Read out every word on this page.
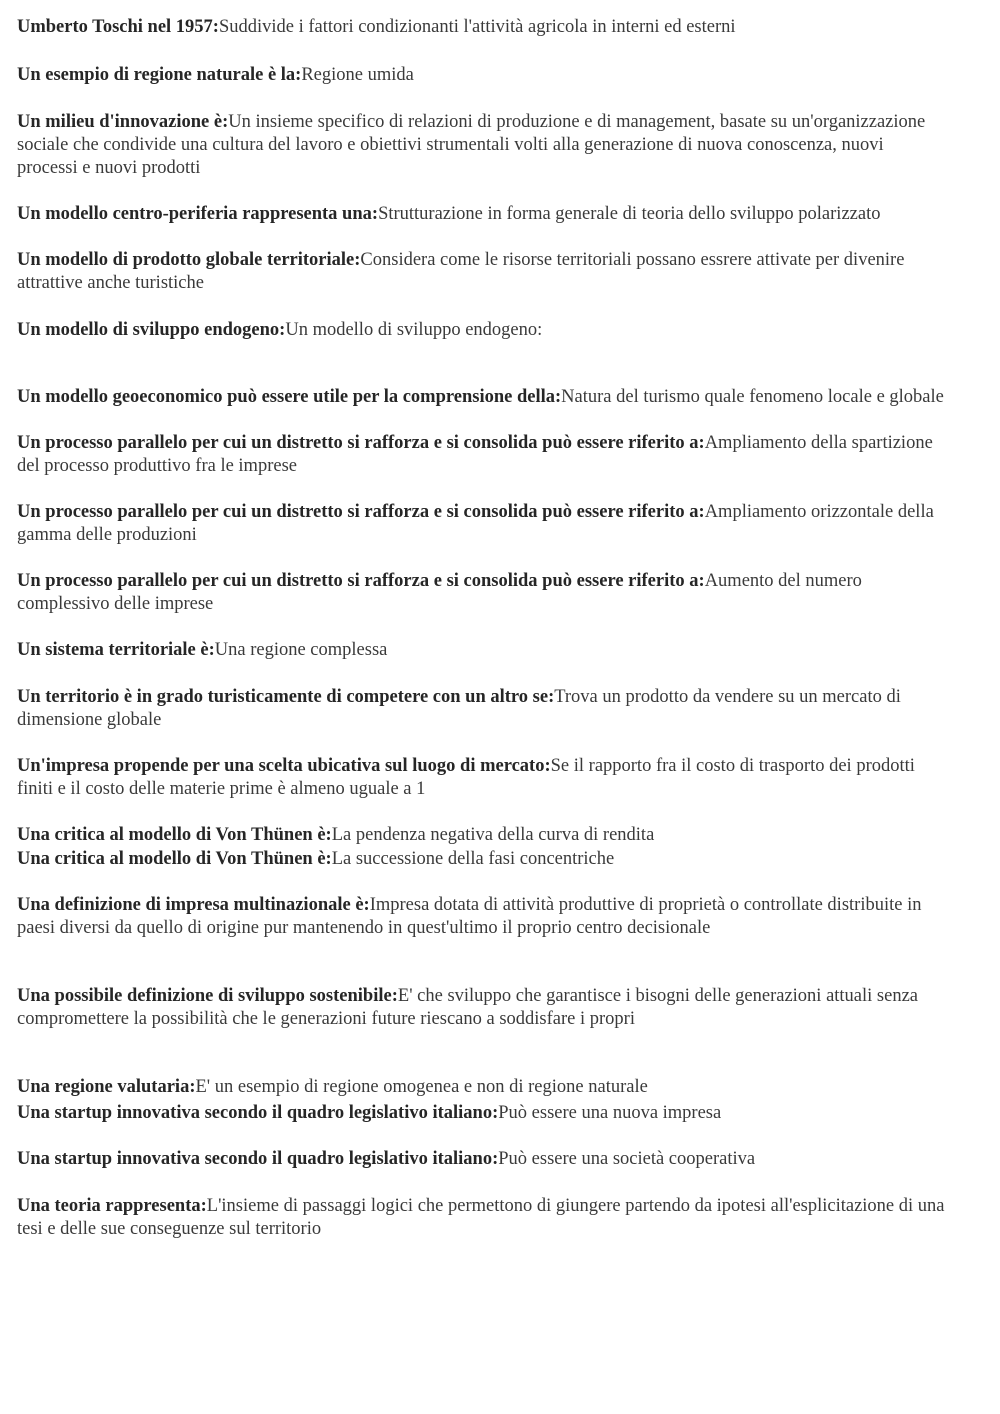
Umberto Toschi nel 1957:Suddivide i fattori condizionanti l'attività agricola in interni ed esterni

Un esempio di regione naturale è la:Regione umida

Un milieu d'innovazione è:Un insieme specifico di relazioni di produzione e di management, basate su un'organizzazione sociale che condivide una cultura del lavoro e obiettivi strumentali volti alla generazione di nuova conoscenza, nuovi processi e nuovi prodotti

Un modello centro-periferia rappresenta una:Strutturazione in forma generale di teoria dello sviluppo polarizzato

Un modello di prodotto globale territoriale:Considera come le risorse territoriali possano essrere attivate per divenire attrattive anche turistiche

Un modello di sviluppo endogeno:Un modello di sviluppo endogeno:

Un modello geoeconomico può essere utile per la comprensione della:Natura del turismo quale fenomeno locale e globale

Un processo parallelo per cui un distretto si rafforza e si consolida può essere riferito a:Ampliamento della spartizione del processo produttivo fra le imprese

Un processo parallelo per cui un distretto si rafforza e si consolida può essere riferito a:Ampliamento orizzontale della gamma delle produzioni

Un processo parallelo per cui un distretto si rafforza e si consolida può essere riferito a:Aumento del numero complessivo delle imprese

Un sistema territoriale è:Una regione complessa

Un territorio è in grado turisticamente di competere con un altro se:Trova un prodotto da vendere su un mercato di dimensione globale

Un'impresa propende per una scelta ubicativa sul luogo di mercato:Se il rapporto fra il costo di trasporto dei prodotti finiti e il costo delle materie prime è almeno uguale a 1

Una critica al modello di Von Thünen è:La pendenza negativa della curva di rendita

Una critica al modello di Von Thünen è:La successione della fasi concentriche

Una definizione di impresa multinazionale è:Impresa dotata di attività produttive di proprietà o controllate distribuite in paesi diversi da quello di origine pur mantenendo in quest'ultimo il proprio centro decisionale

Una possibile definizione di sviluppo sostenibile:E' che sviluppo che garantisce i bisogni delle generazioni attuali senza compromettere la possibilità che le generazioni future riescano a soddisfare i propri

Una regione valutaria:E' un esempio di regione omogenea e non di regione naturale

Una startup innovativa secondo il quadro legislativo italiano:Può essere una nuova impresa

Una startup innovativa secondo il quadro legislativo italiano:Può essere una società cooperativa

Una teoria rappresenta:L'insieme di passaggi logici che permettono di giungere partendo da ipotesi all'esplicitazione di una tesi e delle sue conseguenze sul territorio
